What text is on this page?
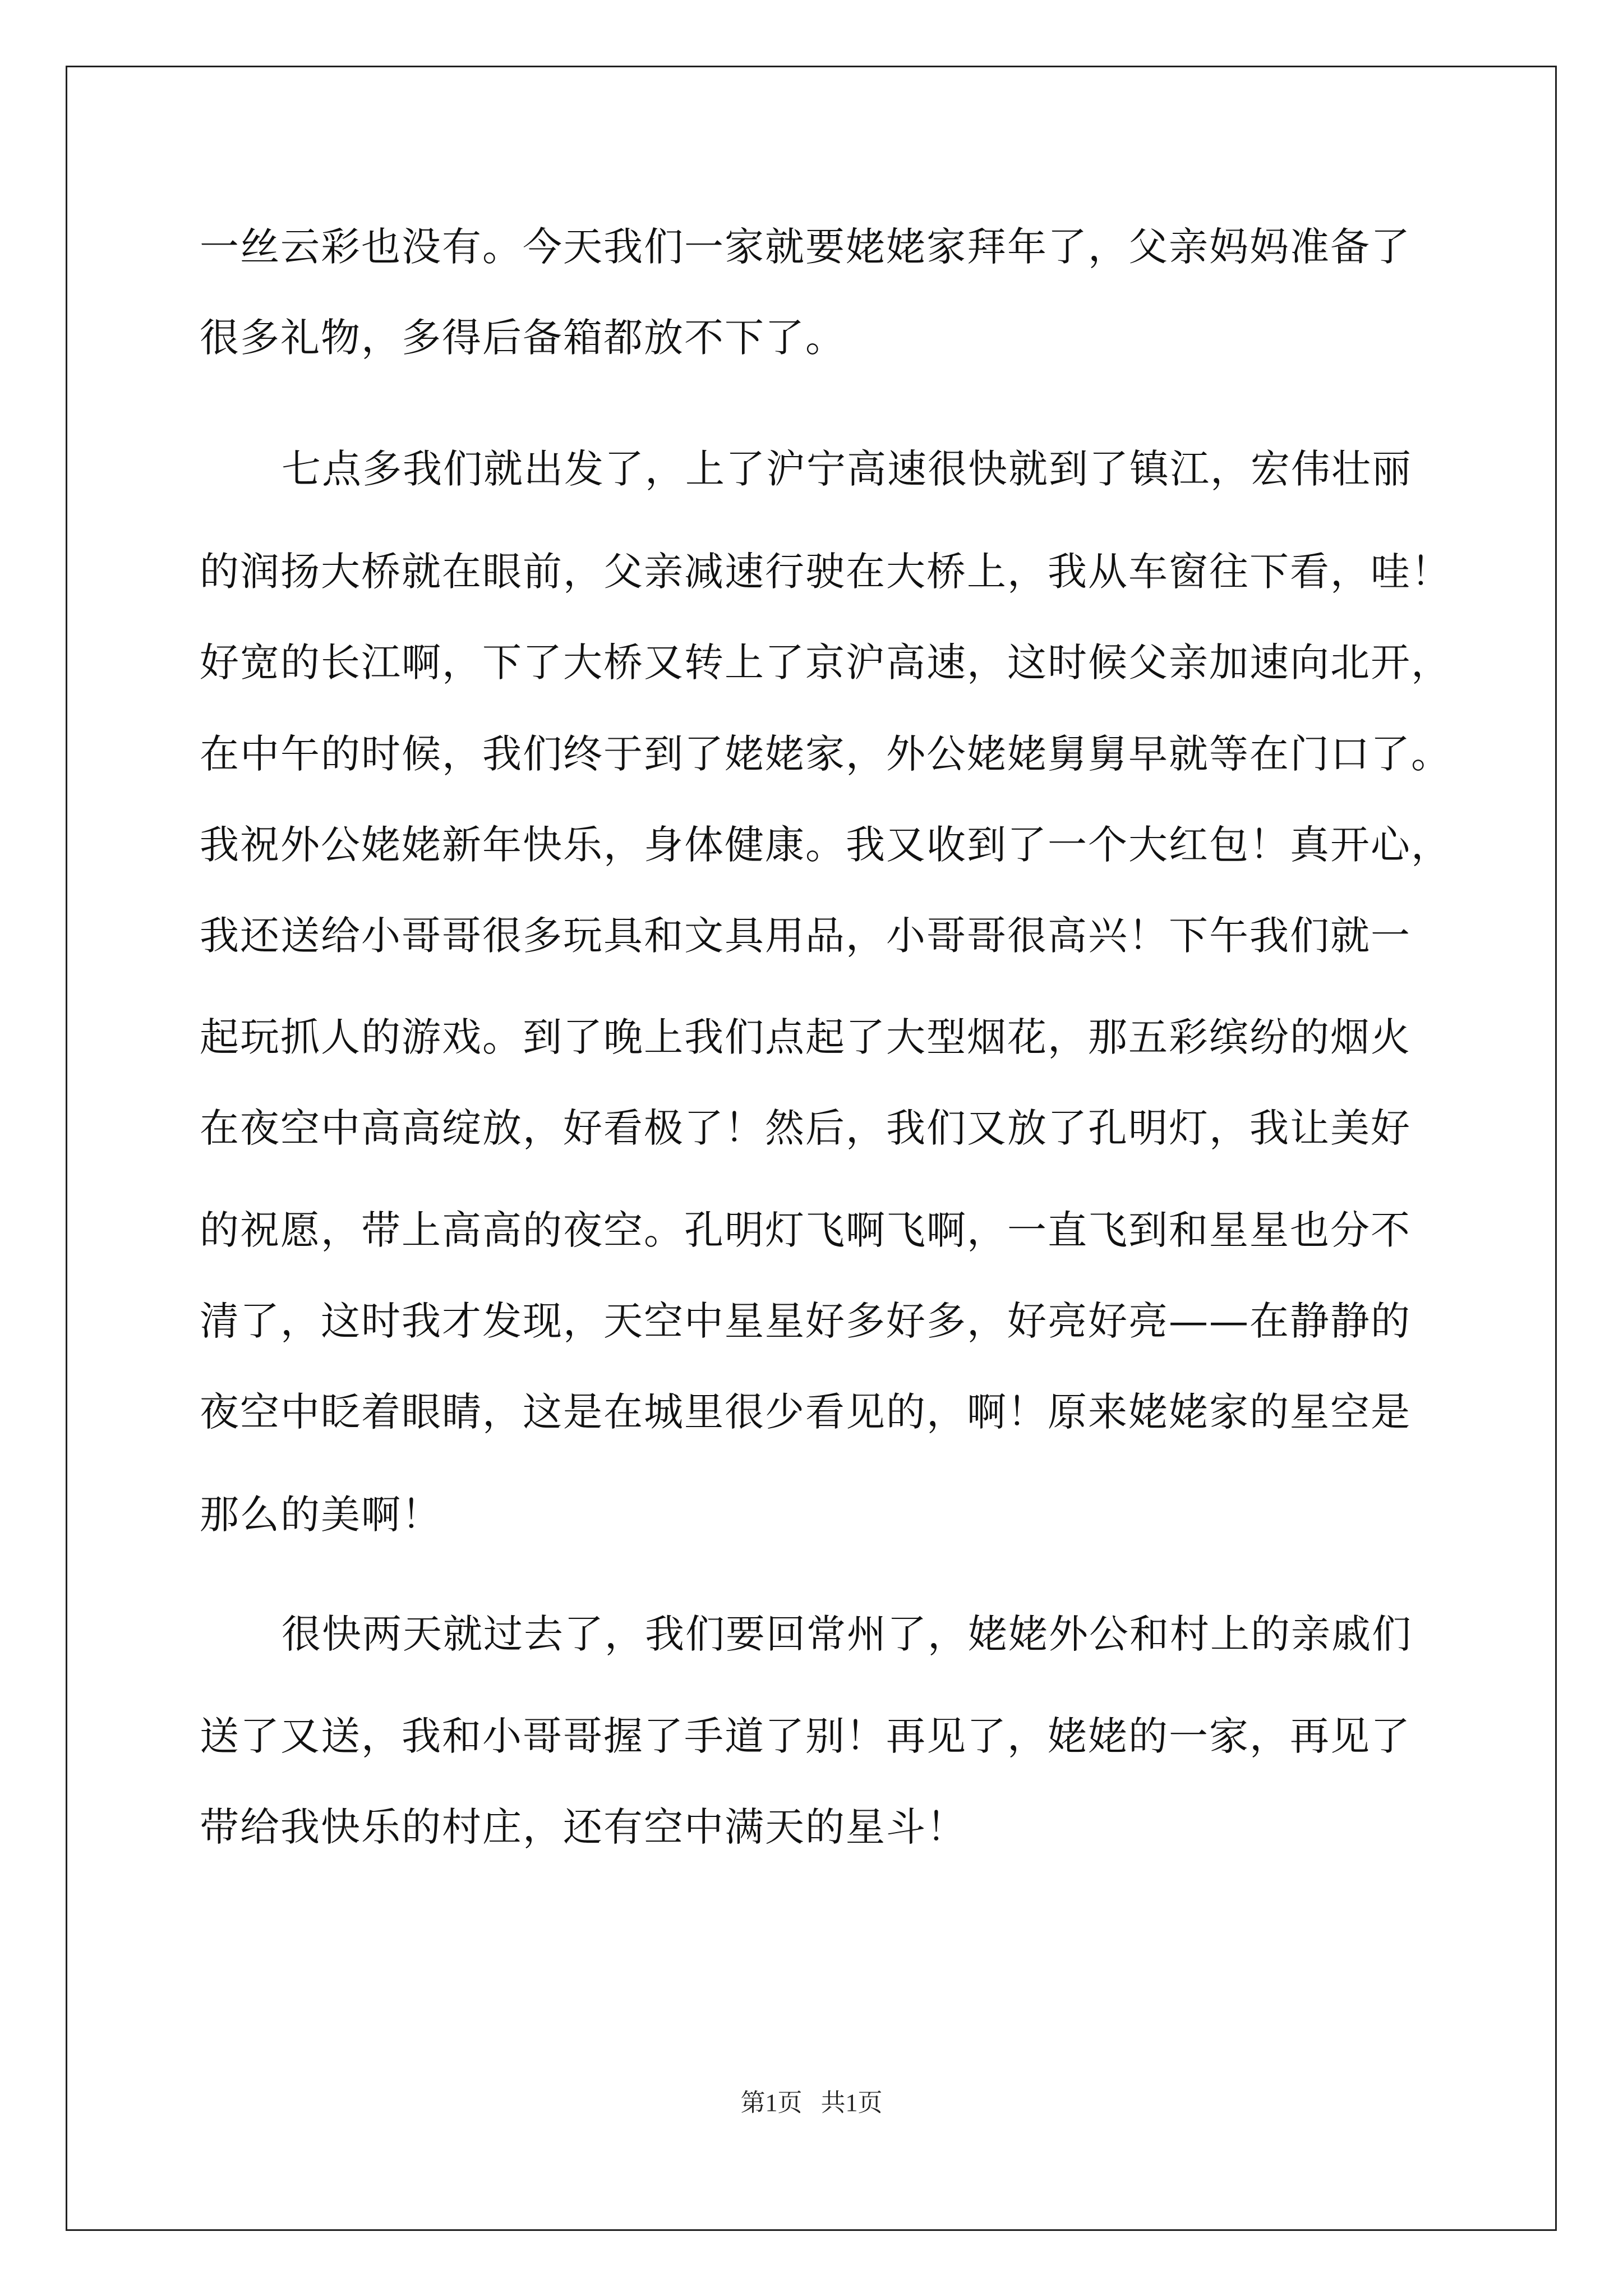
一丝云彩也没有。今天我们一家就要姥姥家拜年了，父亲妈妈准备了
很多礼物，多得后备箱都放不下了。
七点多我们就出发了，上了沪宁高速很快就到了镇江，宏伟壮丽
的润扬大桥就在眼前，父亲减速行驶在大桥上，我从车窗往下看，哇！
好宽的长江啊，下了大桥又转上了京沪高速，这时候父亲加速向北开，
在中午的时候，我们终于到了姥姥家，外公姥姥舅舅早就等在门口了。
我祝外公姥姥新年快乐，身体健康。我又收到了一个大红包！真开心，
我还送给小哥哥很多玩具和文具用品，小哥哥很高兴！下午我们就一
起玩抓人的游戏。到了晚上我们点起了大型烟花，那五彩缤纷的烟火
在夜空中高高绽放，好看极了！然后，我们又放了孔明灯，我让美好
的祝愿，带上高高的夜空。孔明灯飞啊飞啊，一直飞到和星星也分不
清了，这时我才发现，天空中星星好多好多，好亮好亮——在静静的
夜空中眨着眼睛，这是在城里很少看见的，啊！原来姥姥家的星空是
那么的美啊！
很快两天就过去了，我们要回常州了，姥姥外公和村上的亲戚们
送了又送，我和小哥哥握了手道了别！再见了，姥姥的一家，再见了
带给我快乐的村庄，还有空中满天的星斗！
第1页   共1页
